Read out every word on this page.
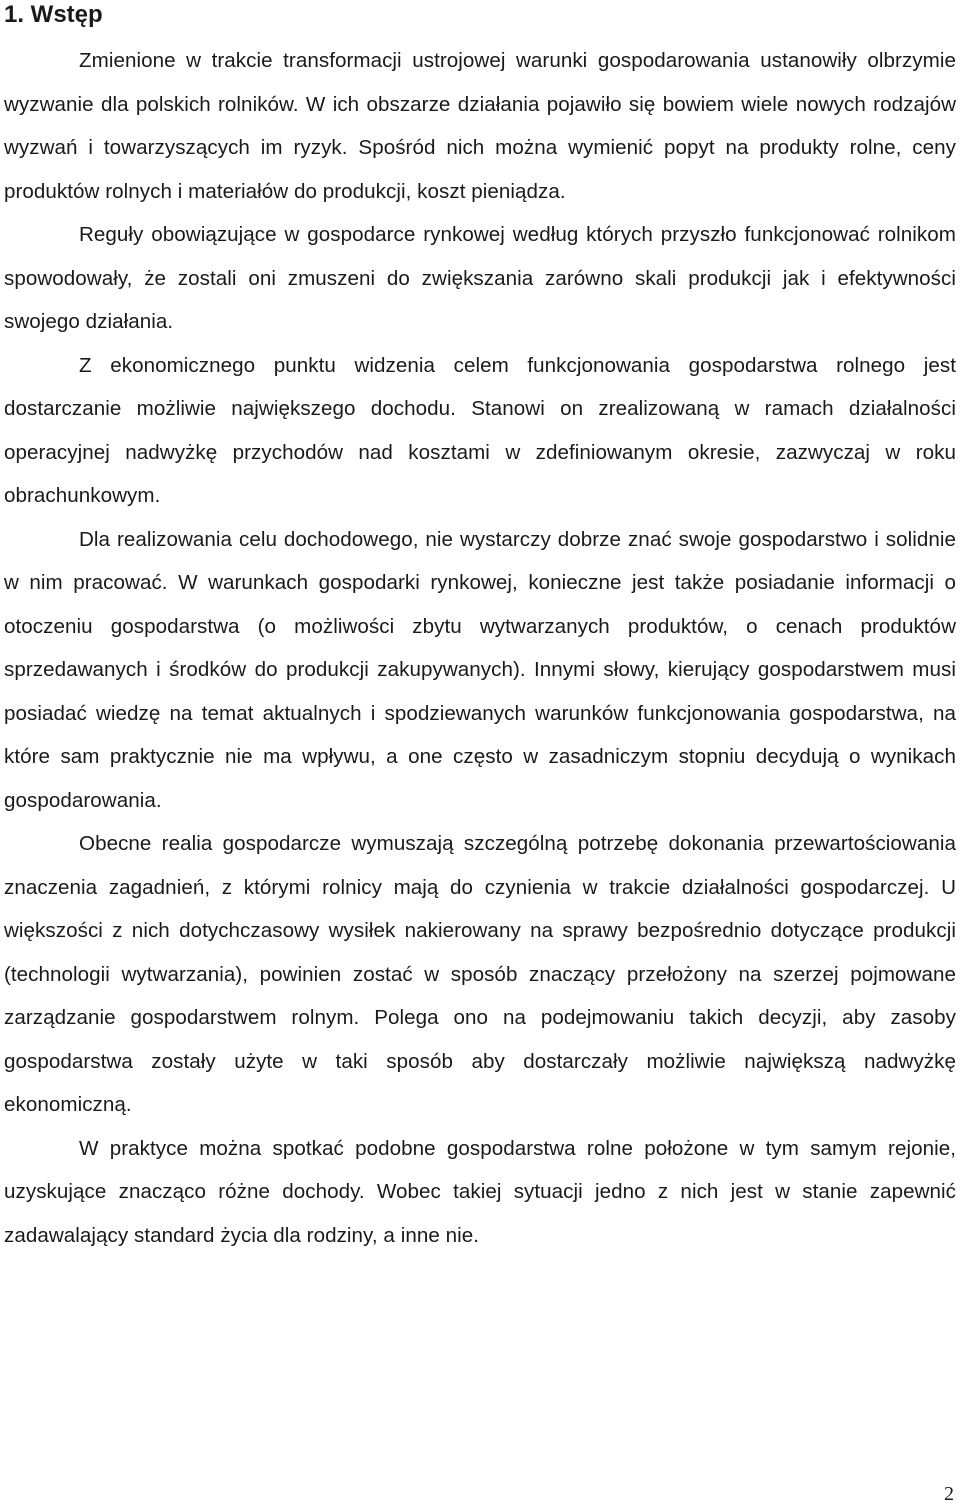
1. Wstęp

Zmienione w trakcie transformacji ustrojowej warunki gospodarowania ustanowiły olbrzymie wyzwanie dla polskich rolników. W ich obszarze działania pojawiło się bowiem wiele nowych rodzajów wyzwań i towarzyszących im ryzyk. Spośród nich można wymienić popyt na produkty rolne, ceny produktów rolnych i materiałów do produkcji, koszt pieniądza.

Reguły obowiązujące w gospodarce rynkowej według których przyszło funkcjonować rolnikom spowodowały, że zostali oni zmuszeni do zwiększania zarówno skali produkcji jak i efektywności swojego działania.

Z ekonomicznego punktu widzenia celem funkcjonowania gospodarstwa rolnego jest dostarczanie możliwie największego dochodu. Stanowi on zrealizowaną w ramach działalności operacyjnej nadwyżkę przychodów nad kosztami w zdefiniowanym okresie, zazwyczaj w roku obrachunkowym.

Dla realizowania celu dochodowego, nie wystarczy dobrze znać swoje gospodarstwo i solidnie w nim pracować. W warunkach gospodarki rynkowej, konieczne jest także posiadanie informacji o otoczeniu gospodarstwa (o możliwości zbytu wytwarzanych produktów, o cenach produktów sprzedawanych i środków do produkcji zakupywanych). Innymi słowy, kierujący gospodarstwem musi posiadać wiedzę na temat aktualnych i spodziewanych warunków funkcjonowania gospodarstwa, na które sam praktycznie nie ma wpływu, a one często w zasadniczym stopniu decydują o wynikach gospodarowania.

Obecne realia gospodarcze wymuszają szczególną potrzebę dokonania przewartościowania znaczenia zagadnień, z którymi rolnicy mają do czynienia w trakcie działalności gospodarczej. U większości z nich dotychczasowy wysiłek nakierowany na sprawy bezpośrednio dotyczące produkcji (technologii wytwarzania), powinien zostać w sposób znaczący przełożony na szerzej pojmowane zarządzanie gospodarstwem rolnym. Polega ono na podejmowaniu takich decyzji, aby zasoby gospodarstwa zostały użyte w taki sposób aby dostarczały możliwie największą nadwyżkę ekonomiczną.

W praktyce można spotkać podobne gospodarstwa rolne położone w tym samym rejonie, uzyskujące znacząco różne dochody. Wobec takiej sytuacji jedno z nich jest w stanie zapewnić zadawalający standard życia dla rodziny, a inne nie.

2
